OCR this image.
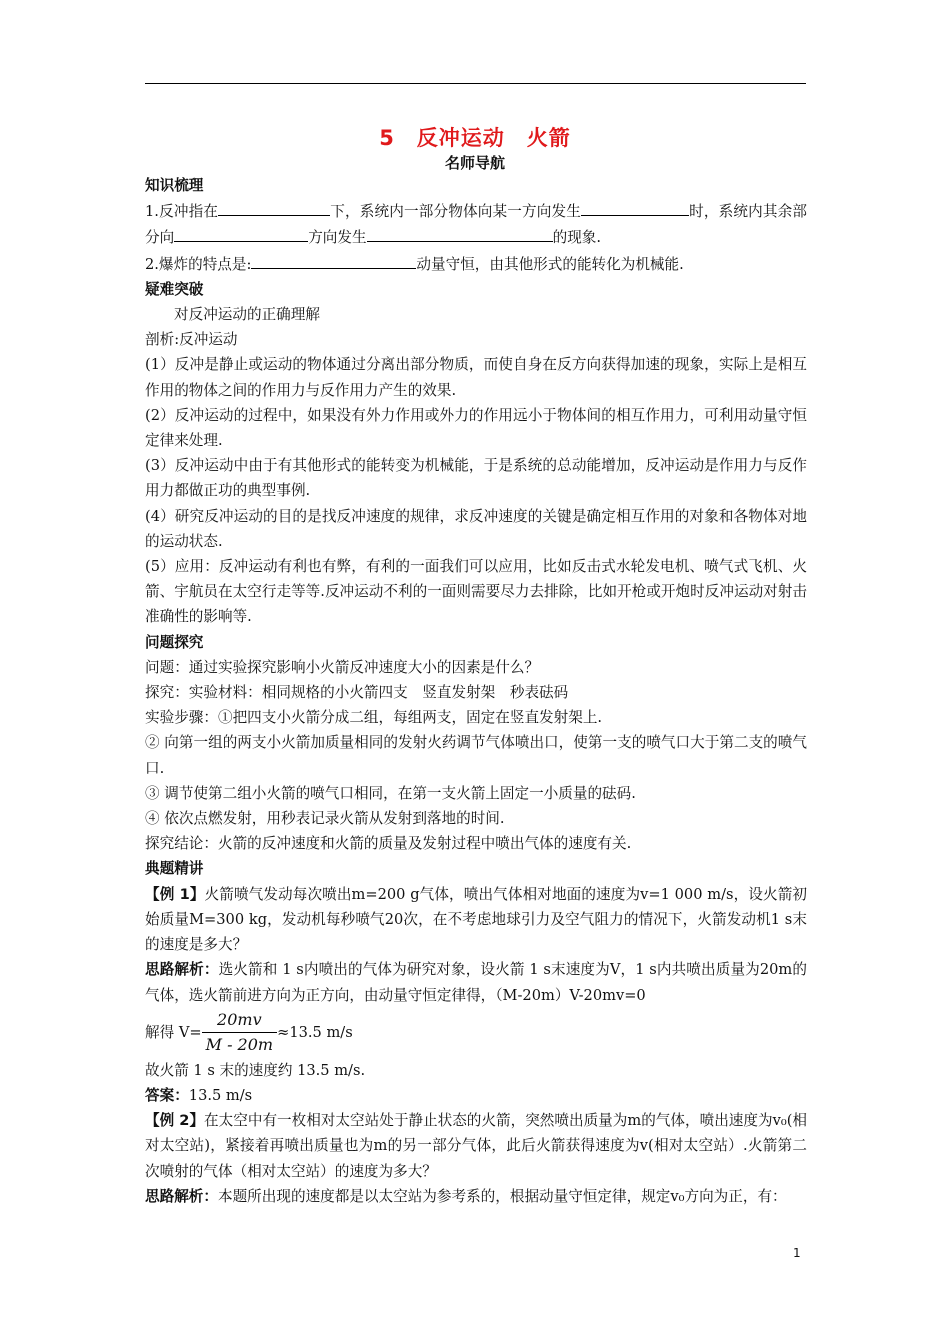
5　反冲运动　火箭
名师导航

知识梳理

1.反冲指在	下，系统内一部分物体向某一方向发生	时，系统内其余部分向	方向发生	的现象.

2.爆炸的特点是:	动量守恒，由其他形式的能转化为机械能.

疑难突破

对反冲运动的正确理解

剖析:反冲运动

(1）反冲是静止或运动的物体通过分离出部分物质，而使自身在反方向获得加速的现象，实际上是相互作用的物体之间的作用力与反作用力产生的效果.

(2）反冲运动的过程中，如果没有外力作用或外力的作用远小于物体间的相互作用力，可利用动量守恒定律来处理.

(3）反冲运动中由于有其他形式的能转变为机械能，于是系统的总动能增加，反冲运动是作用力与反作用力都做正功的典型事例.

(4）研究反冲运动的目的是找反冲速度的规律，求反冲速度的关键是确定相互作用的对象和各物体对地的运动状态.

(5）应用：反冲运动有利也有弊，有利的一面我们可以应用，比如反击式水轮发电机、喷气式飞机、火箭、宇航员在太空行走等等.反冲运动不利的一面则需要尽力去排除，比如开枪或开炮时反冲运动对射击准确性的影响等.

问题探究

问题：通过实验探究影响小火箭反冲速度大小的因素是什么？

探究：实验材料：相同规格的小火箭四支　竖直发射架　秒表砝码

实验步骤：①把四支小火箭分成二组，每组两支，固定在竖直发射架上.

② 向第一组的两支小火箭加质量相同的发射火药调节气体喷出口，使第一支的喷气口大于第二支的喷气口.

③ 调节使第二组小火箭的喷气口相同，在第一支火箭上固定一小质量的砝码.

④ 依次点燃发射，用秒表记录火箭从发射到落地的时间.

探究结论：火箭的反冲速度和火箭的质量及发射过程中喷出气体的速度有关.

典题精讲

【例 1】火箭喷气发动每次喷出m=200 g气体，喷出气体相对地面的速度为v=1 000 m/s，设火箭初始质量M=300 kg，发动机每秒喷气20次，在不考虑地球引力及空气阻力的情况下，火箭发动机1 s末的速度是多大？

思路解析：选火箭和 1 s内喷出的气体为研究对象，设火箭 1 s末速度为V，1 s内共喷出质量为20m的气体，选火箭前进方向为正方向，由动量守恒定律得，（M-20m）V-20mv=0

解得 $V= \frac{20mv}{M - 20m} \approx 13.5$ m/s

故火箭 1 s 末的速度约 13.5 m/s.

答案：13.5 m/s

【例 2】在太空中有一枚相对太空站处于静止状态的火箭，突然喷出质量为m的气体，喷出速度为v₀(相对太空站)，紧接着再喷出质量也为m的另一部分气体，此后火箭获得速度为v(相对太空站）.火箭第二次喷射的气体（相对太空站）的速度为多大？

思路解析：本题所出现的速度都是以太空站为参考系的，根据动量守恒定律，规定v₀方向为正，有：

1
